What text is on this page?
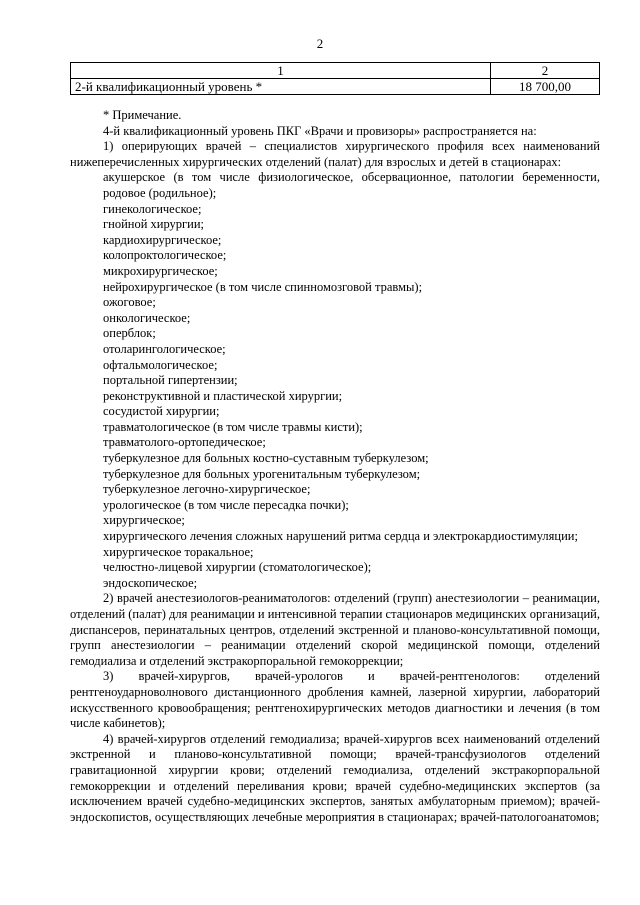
2
1	2
2-й квалификационный уровень *	18 700,00

* Примечание.

4-й квалификационный уровень ПКГ «Врачи и провизоры» распространяется на:

1) оперирующих врачей – специалистов хирургического профиля всех наименований нижеперечисленных хирургических отделений (палат) для взрослых и детей в стационарах:

акушерское (в том числе физиологическое, обсервационное, патологии беременности, родовое (родильное);

гинекологическое;

гнойной хирургии;

кардиохирургическое;

колопроктологическое;

микрохирургическое;

нейрохирургическое (в том числе спинномозговой травмы);

ожоговое;

онкологическое;

оперблок;

отоларингологическое;

офтальмологическое;

портальной гипертензии;

реконструктивной и пластической хирургии;

сосудистой хирургии;

травматологическое (в том числе травмы кисти);

травматолого-ортопедическое;

туберкулезное для больных костно-суставным туберкулезом;

туберкулезное для больных урогенитальным туберкулезом;

туберкулезное легочно-хирургическое;

урологическое (в том числе пересадка почки);

хирургическое;

хирургического лечения сложных нарушений ритма сердца и электрокардиостимуляции;

хирургическое торакальное;

челюстно-лицевой хирургии (стоматологическое);

эндоскопическое;

2) врачей анестезиологов-реаниматологов: отделений (групп) анестезиологии – реанимации, отделений (палат) для реанимации и интенсивной терапии стационаров медицинских организаций, диспансеров, перинатальных центров, отделений экстренной и планово-консультативной помощи, групп анестезиологии – реанимации отделений скорой медицинской помощи, отделений гемодиализа и отделений экстракорпоральной гемокоррекции;

3) врачей-хирургов, врачей-урологов и врачей-рентгенологов: отделений рентгеноударноволнового дистанционного дробления камней, лазерной хирургии, лабораторий искусственного кровообращения; рентгенохирургических методов диагностики и лечения (в том числе кабинетов);

4) врачей-хирургов отделений гемодиализа; врачей-хирургов всех наименований отделений экстренной и планово-консультативной помощи; врачей-трансфузиологов отделений гравитационной хирургии крови; отделений гемодиализа, отделений экстракорпоральной гемокоррекции и отделений переливания крови; врачей судебно-медицинских экспертов (за исключением врачей судебно-медицинских экспертов, занятых амбулаторным приемом); врачей-эндоскопистов, осуществляющих лечебные мероприятия в стационарах; врачей-патологоанатомов;
